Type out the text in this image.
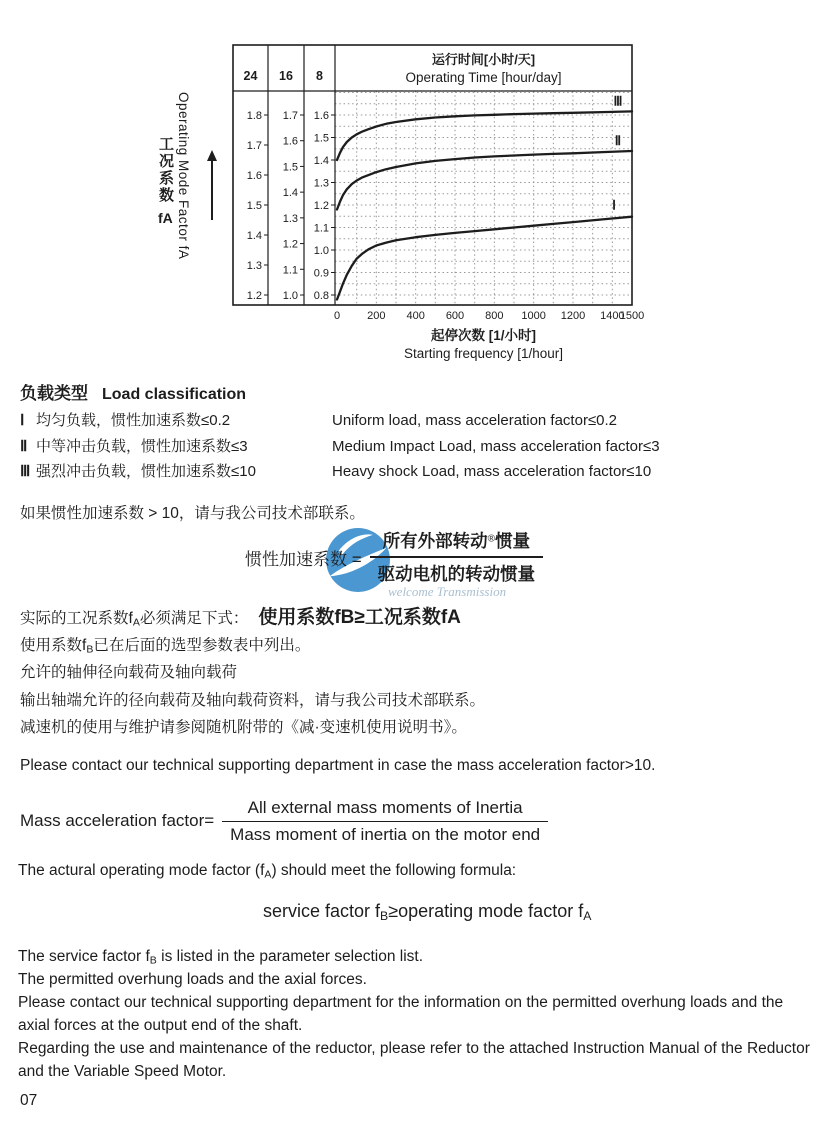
Operating Mode Factor fA
工况系数
fA
Ⅰ
Ⅱ
Ⅲ
24 16 8
运行时间[小时/天]
Operating Time [hour/day]
1.8
1.7
1.6
1.5
1.4
1.3
1.2
1.7
1.6
1.5
1.4
1.3
1.2
1.1
1.0
1.6
1.5
1.4
1.3
1.2
1.1
1.0
0.9
0.8
0 200 400 600 800 1000 1200 1400
1500
起停次数 [1/小时]
Starting frequency [1/hour]
负载类型 Load classification
Ⅰ 均匀负载，惯性加速系数≤0.2	Uniform load, mass acceleration factor≤0.2
Ⅱ 中等冲击负载，惯性加速系数≤3	Medium Impact Load, mass acceleration factor≤3
Ⅲ 强烈冲击负载，惯性加速系数≤10	Heavy shock Load, mass acceleration factor≤10
如果惯性加速系数 > 10，请与我公司技术部联系。
惯性加速系数 = $\frac{所有外部转动^®惯量}{\text{驱动电机的转动惯量}}$
welcome Transmission
实际的工况系数$f_A$必须满足下式： 使用系数fB≥工况系数fA
使用系数$f_B$已在后面的选型参数表中列出。
允许的轴伸径向载荷及轴向载荷
输出轴端允许的径向载荷及轴向载荷资料，请与我公司技术部联系。
减速机的使用与维护请参阅随机附带的《减·变速机使用说明书》。
Please contact our technical supporting department in case the mass acceleration factor>10.
Mass acceleration factor= $\frac{\text{All external mass moments of Inertia}}{\text{Mass moment of inertia on the motor end}}$
The actural operating mode factor $(f_A)$ should meet the following formula:
service factor $f_B\ge operating$ mode factor $f_A$
The service factor $f_B$ is listed in the parameter selection list.
The permitted overhung loads and the axial forces.
Please contact our technical supporting department for the information on the permitted overhung loads and the
axial forces at the output end of the shaft.
Regarding the use and maintenance of the reductor, please refer to the attached Instruction Manual of the Reductor
and the Variable Speed Motor.
07
